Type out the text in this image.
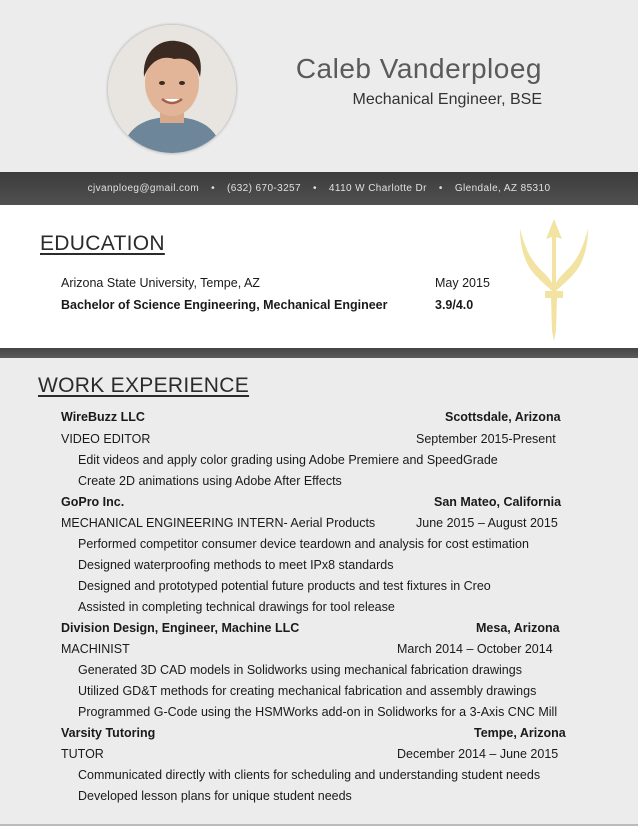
Caleb Vanderploeg
Mechanical Engineer, BSE
cjvanploeg@gmail.com • (632) 670-3257 • 4110 W Charlotte Dr • Glendale, AZ 85310
EDUCATION
Arizona State University, Tempe, AZ	May 2015
Bachelor of Science Engineering, Mechanical Engineer	3.9/4.0
WORK EXPERIENCE
WireBuzz LLC	Scottsdale, Arizona
VIDEO EDITOR	September 2015-Present
Edit videos and apply color grading using Adobe Premiere and SpeedGrade
Create 2D animations using Adobe After Effects
GoPro Inc.	San Mateo, California
MECHANICAL ENGINEERING INTERN- Aerial Products	June 2015 – August 2015
Performed competitor consumer device teardown and analysis for cost estimation
Designed waterproofing methods to meet IPx8 standards
Designed and prototyped potential future products and test fixtures in Creo
Assisted in completing technical drawings for tool release
Division Design, Engineer, Machine LLC	Mesa, Arizona
MACHINIST	March 2014 – October 2014
Generated 3D CAD models in Solidworks using mechanical fabrication drawings
Utilized GD&T methods for creating mechanical fabrication and assembly drawings
Programmed G-Code using the HSMWorks add-on in Solidworks for a 3-Axis CNC Mill
Varsity Tutoring	Tempe, Arizona
TUTOR	December 2014 – June 2015
Communicated directly with clients for scheduling and understanding student needs
Developed lesson plans for unique student needs
